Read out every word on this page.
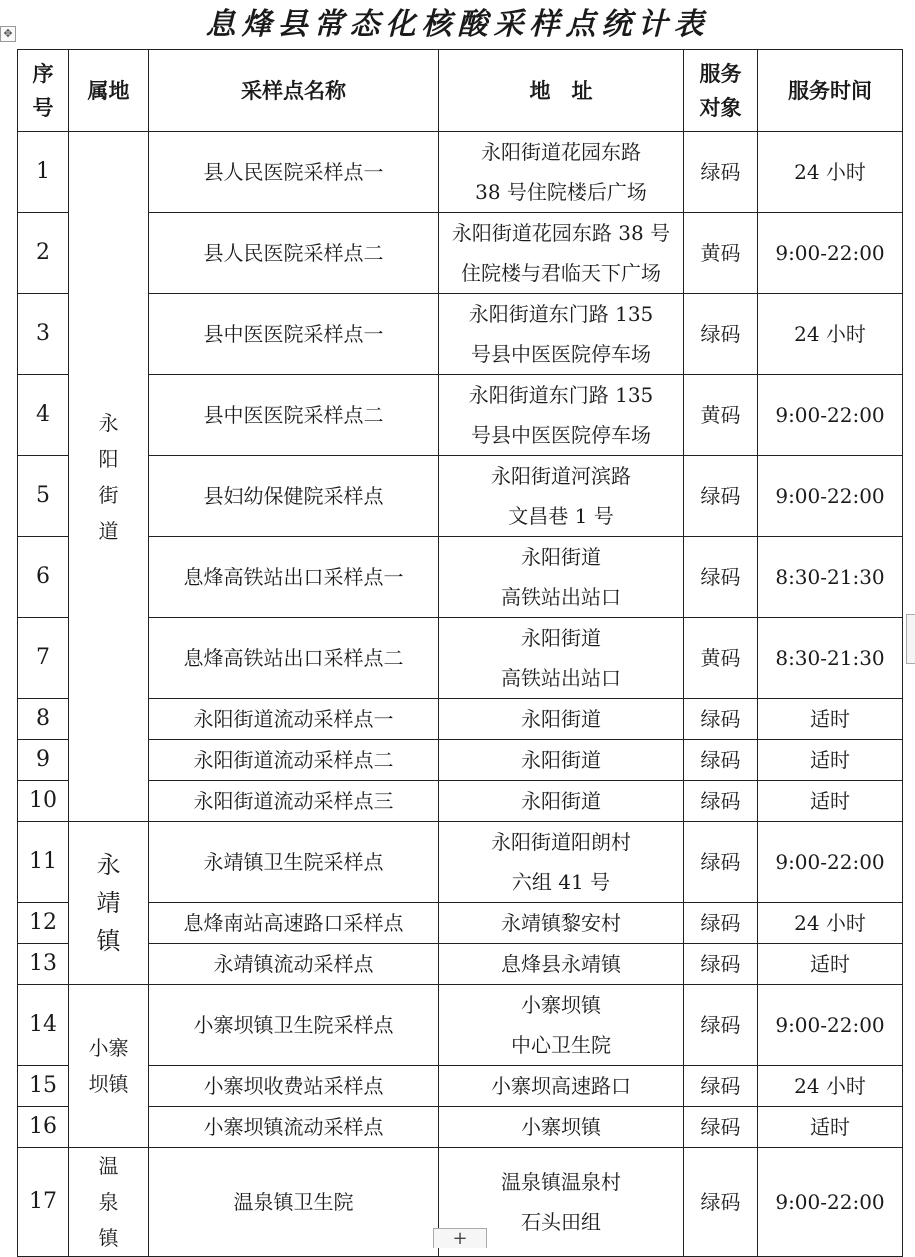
息烽县常态化核酸采样点统计表
✥
序号	属地	采样点名称	地　址	服务对象	服务时间
1	永阳街道	县人民医院采样点一	永阳街道花园东路
38 号住院楼后广场	绿码	24 小时
2		县人民医院采样点二	永阳街道花园东路 38 号
住院楼与君临天下广场	黄码	9:00-22:00
3		县中医医院采样点一	永阳街道东门路 135
号县中医医院停车场	绿码	24 小时
4		县中医医院采样点二	永阳街道东门路 135
号县中医医院停车场	黄码	9:00-22:00
5		县妇幼保健院采样点	永阳街道河滨路
文昌巷 1 号	绿码	9:00-22:00
6		息烽高铁站出口采样点一	永阳街道
高铁站出站口	绿码	8:30-21:30
7		息烽高铁站出口采样点二	永阳街道
高铁站出站口	黄码	8:30-21:30
8		永阳街道流动采样点一	永阳街道	绿码	适时
9		永阳街道流动采样点二	永阳街道	绿码	适时
10		永阳街道流动采样点三	永阳街道	绿码	适时
11	永靖镇	永靖镇卫生院采样点	永阳街道阳朗村
六组 41 号	绿码	9:00-22:00
12		息烽南站高速路口采样点	永靖镇黎安村	绿码	24 小时
13		永靖镇流动采样点	息烽县永靖镇	绿码	适时
14	小寨坝镇	小寨坝镇卫生院采样点	小寨坝镇
中心卫生院	绿码	9:00-22:00
15		小寨坝收费站采样点	小寨坝高速路口	绿码	24 小时
16		小寨坝镇流动采样点	小寨坝镇	绿码	适时
17	温泉镇	温泉镇卫生院	温泉镇温泉村
石头田组	绿码	9:00-22:00
+
